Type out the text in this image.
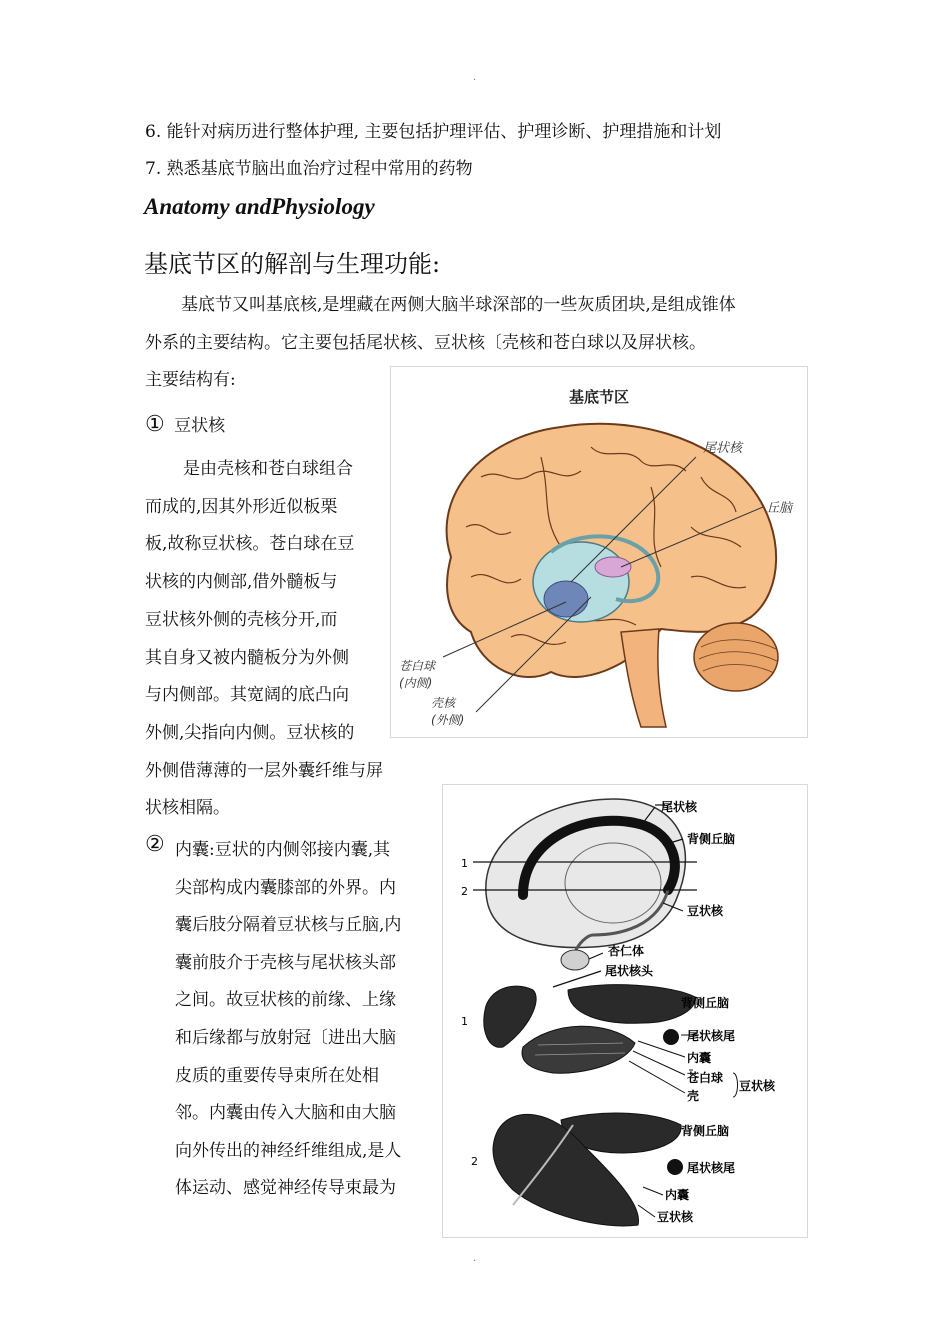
.
.
6. 能针对病历进行整体护理, 主要包括护理评估、护理诊断、护理措施和计划
7. 熟悉基底节脑出血治疗过程中常用的药物
Anatomy andPhysiology
基底节区的解剖与生理功能:
基底节又叫基底核,是埋藏在两侧大脑半球深部的一些灰质团块,是组成锥体
外系的主要结构。它主要包括尾状核、豆状核〔壳核和苍白球以及屏状核。
主要结构有:
① 豆状核
是由壳核和苍白球组合
而成的,因其外形近似板栗
板,故称豆状核。苍白球在豆
状核的内侧部,借外髓板与
豆状核外侧的壳核分开,而
其自身又被内髓板分为外侧
与内侧部。其宽阔的底凸向
外侧,尖指向内侧。豆状核的
外侧借薄薄的一层外囊纤维与屏
状核相隔。
② 内囊:豆状的内侧邻接内囊,其
尖部构成内囊膝部的外界。内
囊后肢分隔着豆状核与丘脑,内
囊前肢介于壳核与尾状核头部
之间。故豆状核的前缘、上缘
和后缘都与放射冠〔进出大脑
皮质的重要传导束所在处相
邻。内囊由传入大脑和由大脑
向外传出的神经纤维组成,是人
体运动、感觉神经传导束最为
基底节区
尾状核
丘脑
苍白球
(内侧)
壳核
(外侧)
1
2
尾状核
背侧丘脑
豆状核
杏仁体
尾状核头
1
背侧丘脑
尾状核尾
内囊
苍白球
壳
豆状核
2
背侧丘脑
尾状核尾
内囊
豆状核
